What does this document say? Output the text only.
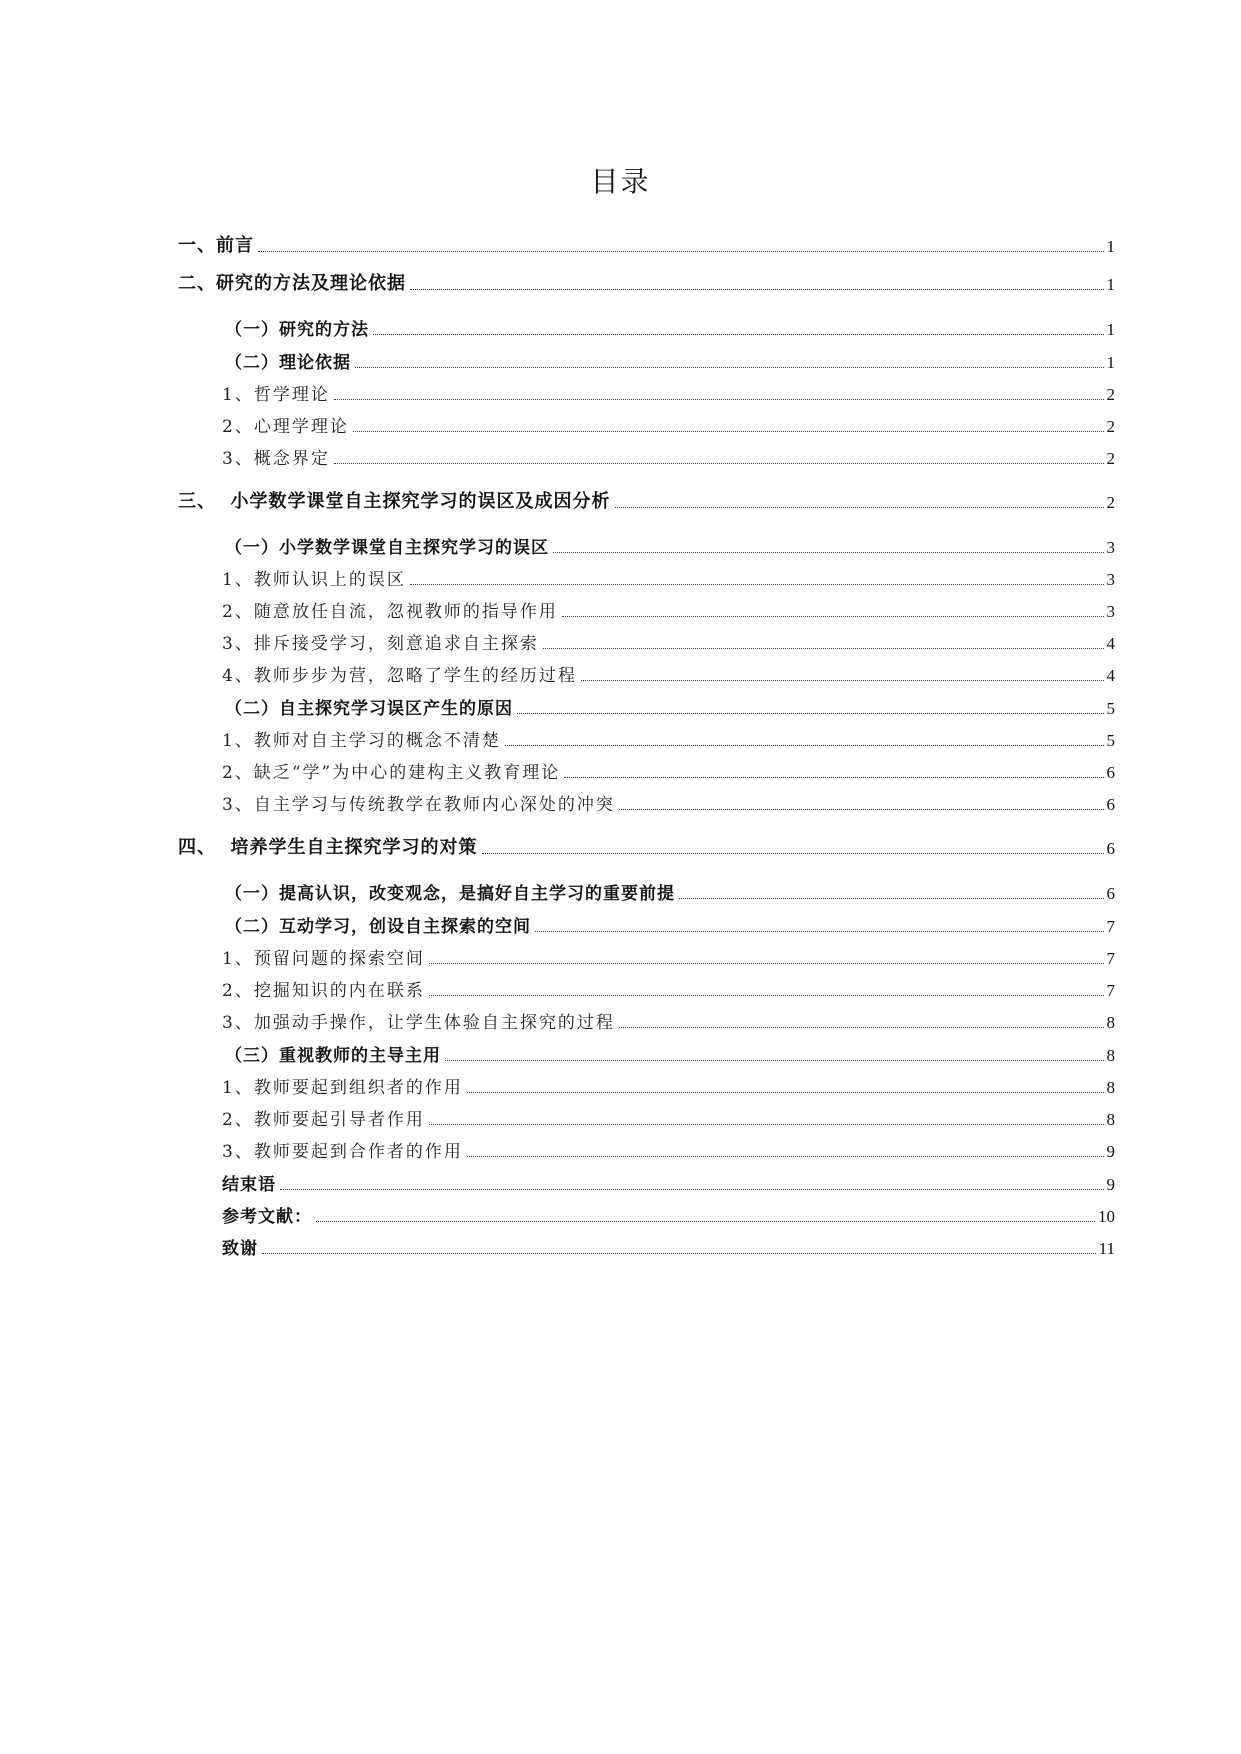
目录
一、前言	1
二、研究的方法及理论依据	1
（一）研究的方法	1
（二）理论依据	1
1、哲学理论	2
2、心理学理论	2
3、概念界定	2
三、  小学数学课堂自主探究学习的误区及成因分析	2
（一）小学数学课堂自主探究学习的误区	3
1、教师认识上的误区	3
2、随意放任自流，忽视教师的指导作用	3
3、排斥接受学习，刻意追求自主探索	4
4、教师步步为营，忽略了学生的经历过程	4
（二）自主探究学习误区产生的原因	5
1、教师对自主学习的概念不清楚	5
2、缺乏“学”为中心的建构主义教育理论	6
3、自主学习与传统教学在教师内心深处的冲突	6
四、  培养学生自主探究学习的对策	6
（一）提高认识，改变观念，是搞好自主学习的重要前提	6
（二）互动学习，创设自主探索的空间	7
1、预留问题的探索空间	7
2、挖掘知识的内在联系	7
3、加强动手操作，让学生体验自主探究的过程	8
（三）重视教师的主导主用	8
1、教师要起到组织者的作用	8
2、教师要起引导者作用	8
3、教师要起到合作者的作用	9
结束语	9
参考文献：	10
致谢	11
